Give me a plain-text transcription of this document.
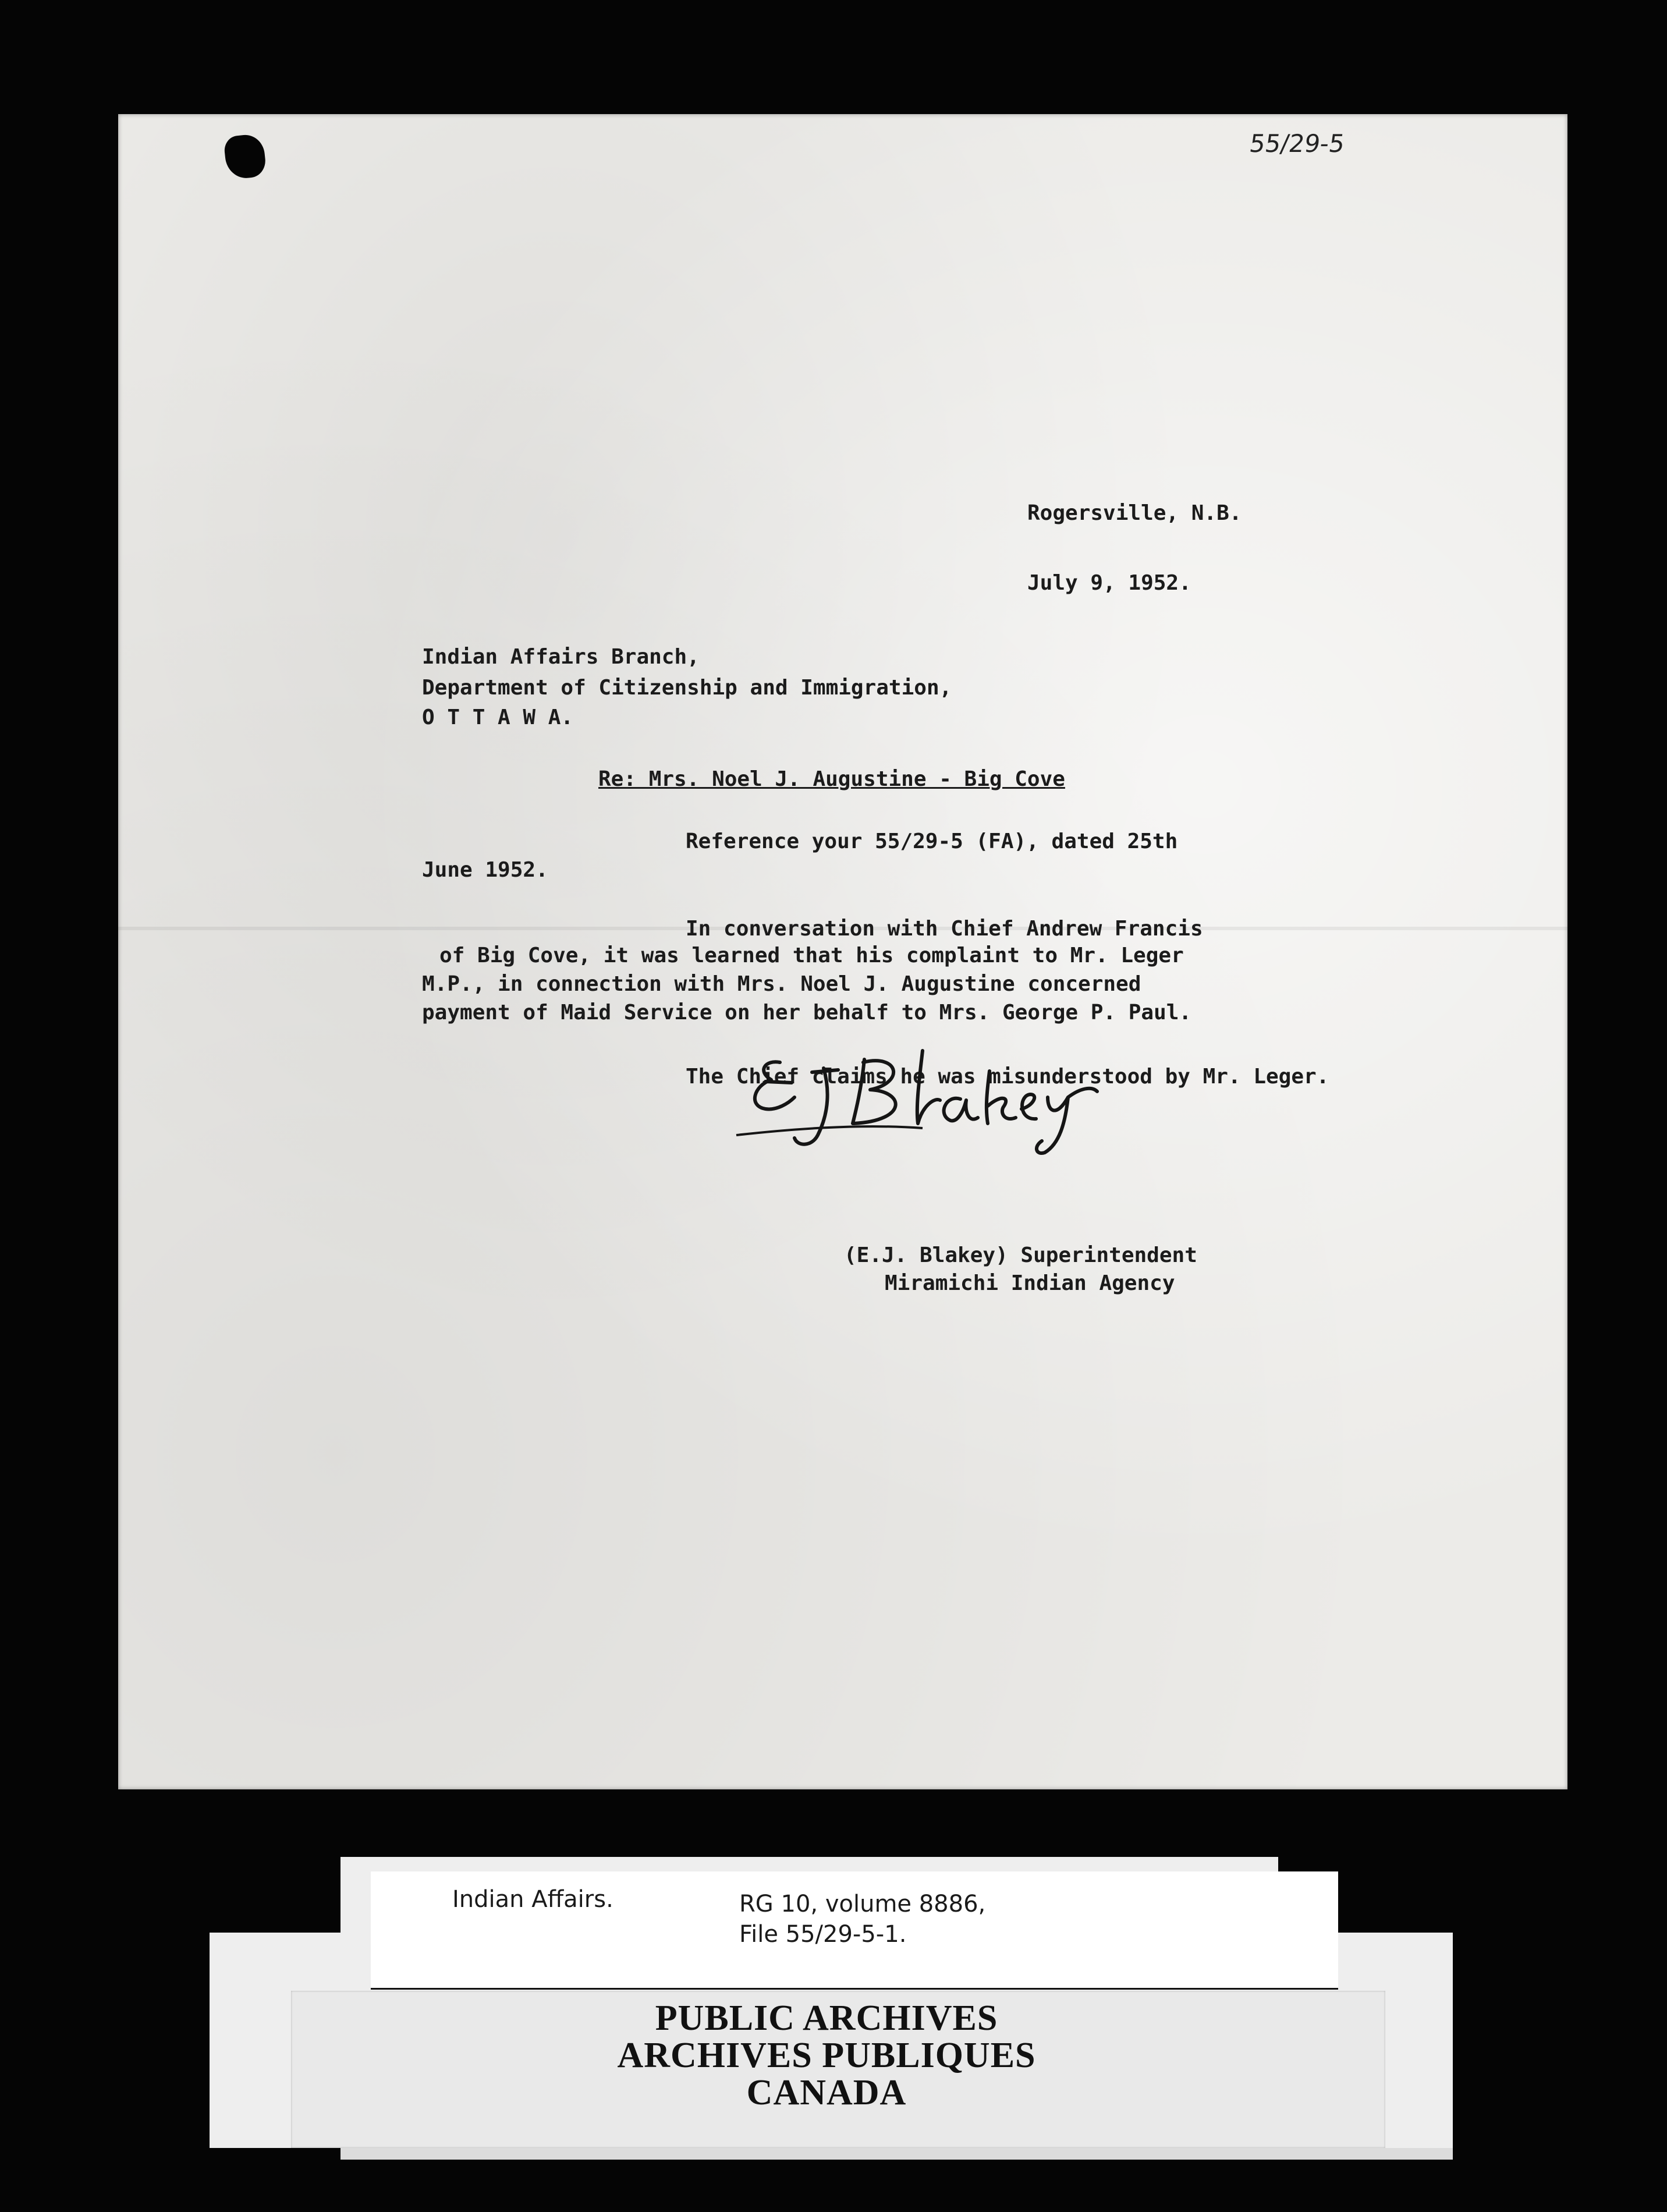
55/29-5

Rogersville, N.B.

July 9, 1952.

Indian Affairs Branch,

Department of Citizenship and Immigration,

O T T A W A.

Re: Mrs. Noel J. Augustine - Big Cove

Reference your 55/29-5 (FA), dated 25th

June 1952.

In conversation with Chief Andrew Francis

of Big Cove, it was learned that his complaint to Mr. Leger

M.P., in connection with Mrs. Noel J. Augustine concerned

payment of Maid Service on her behalf to Mrs. George P. Paul.

The Chief claims he was misunderstood by Mr. Leger.

(E.J. Blakey) Superintendent

Miramichi Indian Agency

Indian Affairs.	RG 10, volume 8886,

File 55/29-5-1.

PUBLIC ARCHIVES

ARCHIVES PUBLIQUES

CANADA
